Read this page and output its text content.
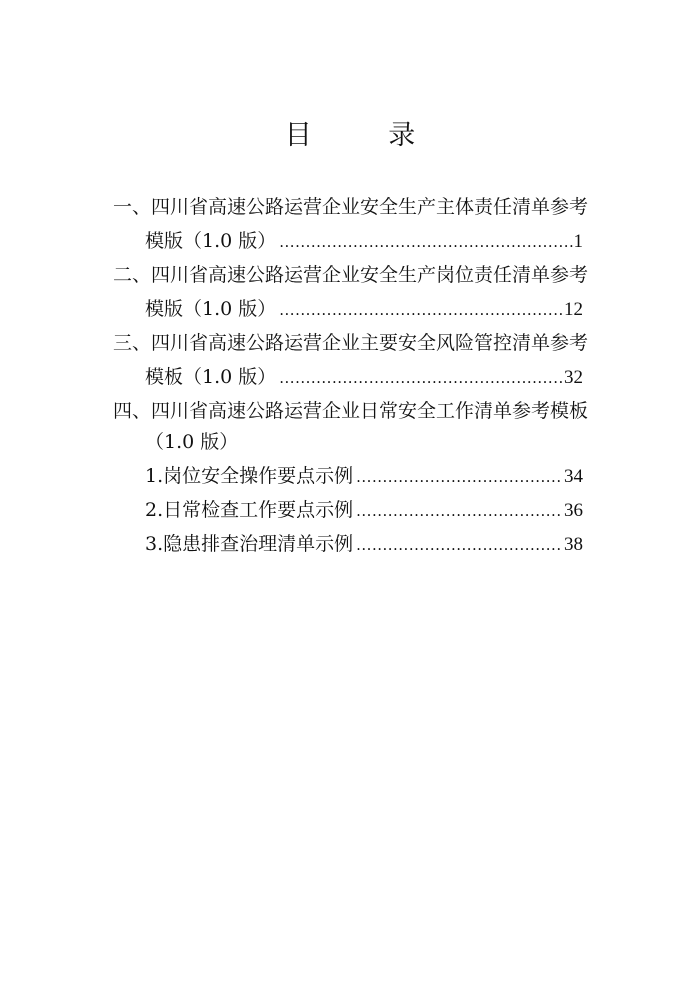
目 录
一、四川省高速公路运营企业安全生产主体责任清单参考
模版（1.0 版） .....	1
二、四川省高速公路运营企业安全生产岗位责任清单参考
模版（1.0 版） .....	12
三、四川省高速公路运营企业主要安全风险管控清单参考
模板（1.0 版） .....	32
四、四川省高速公路运营企业日常安全工作清单参考模板
（1.0 版）
1.岗位安全操作要点示例 .....	34
2.日常检查工作要点示例 .....	36
3.隐患排查治理清单示例 .....	38
